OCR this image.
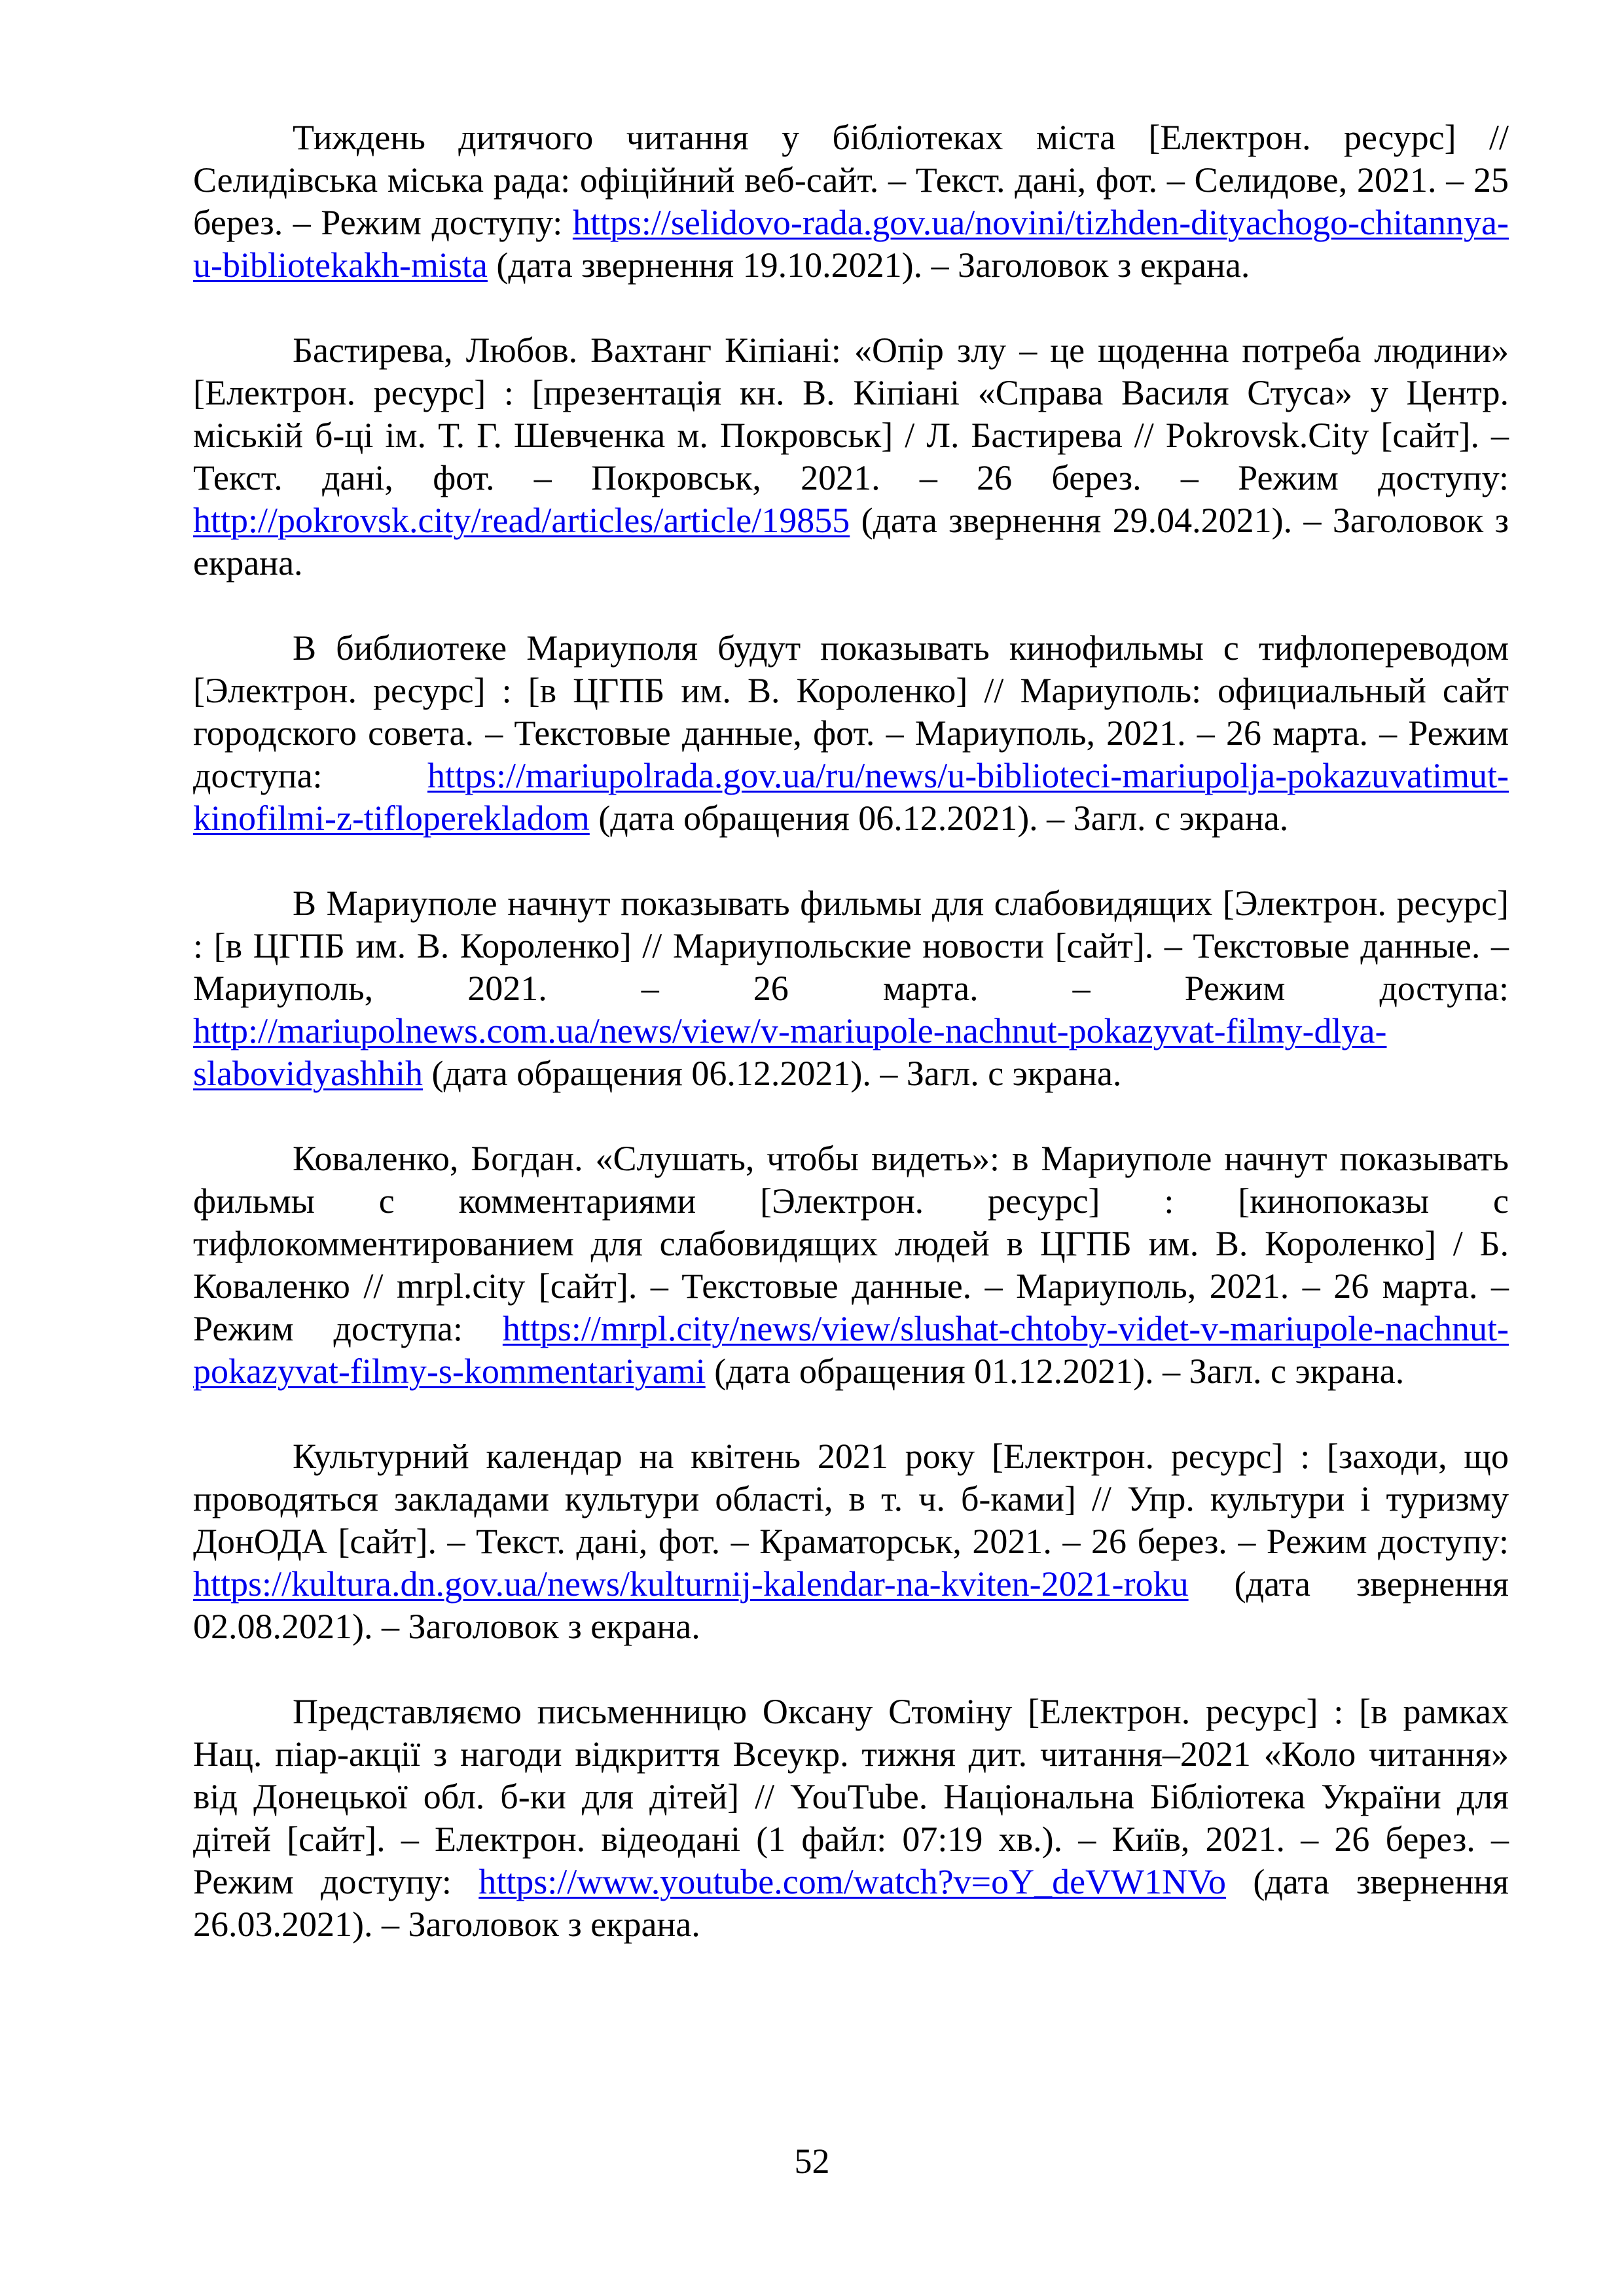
Тиждень дитячого читання у бібліотеках міста [Електрон. ресурс] // Селидівська міська рада: офіційний веб-сайт. – Текст. дані, фот. – Селидове, 2021. – 25 берез. – Режим доступу: https://selidovo-rada.gov.ua/novini/tizhden-dityachogo-chitannya-u-bibliotekakh-mista (дата звернення 19.10.2021). – Заголовок з екрана.

Бастирева, Любов. Вахтанг Кіпіані: «Опір злу – це щоденна потреба людини» [Електрон. ресурс] : [презентація кн. В. Кіпіані «Справа Василя Стуса» у Центр. міській б-ці ім. Т. Г. Шевченка м. Покровськ] / Л. Бастирева // Pokrovsk.City [сайт]. – Текст. дані, фот. – Покровськ, 2021. – 26 берез. – Режим доступу: http://pokrovsk.city/read/articles/article/19855 (дата звернення 29.04.2021). – Заголовок з екрана.

В библиотеке Мариуполя будут показывать кинофильмы с тифлопереводом [Электрон. ресурс] : [в ЦГПБ им. В. Короленко] // Мариуполь: официальный сайт городского совета. – Текстовые данные, фот. – Мариуполь, 2021. – 26 марта. – Режим доступа: https://mariupolrada.gov.ua/ru/news/u-biblioteci-mariupolja-pokazuvatimut-kinofilmi-z-tifloperekladom (дата обращения 06.12.2021). – Загл. с экрана.

В Мариуполе начнут показывать фильмы для слабовидящих [Электрон. ресурс] : [в ЦГПБ им. В. Короленко] // Мариупольские новости [сайт]. – Текстовые данные. – Мариуполь, 2021. – 26 марта. – Режим доступа: http://mariupolnews.com.ua/news/view/v-mariupole-nachnut-pokazyvat-filmy-dlya-slabovidyashhih (дата обращения 06.12.2021). – Загл. с экрана.

Коваленко, Богдан. «Слушать, чтобы видеть»: в Мариуполе начнут показывать фильмы с комментариями [Электрон. ресурс] : [кинопоказы с тифлокомментированием для слабовидящих людей в ЦГПБ им. В. Короленко] / Б. Коваленко // mrpl.city [сайт]. – Текстовые данные. – Мариуполь, 2021. – 26 марта. – Режим доступа: https://mrpl.city/news/view/slushat-chtoby-videt-v-mariupole-nachnut-pokazyvat-filmy-s-kommentariyami (дата обращения 01.12.2021). – Загл. с экрана.

Культурний календар на квітень 2021 року [Електрон. ресурс] : [заходи, що проводяться закладами культури області, в т. ч. б-ками] // Упр. культури і туризму ДонОДА [сайт]. – Текст. дані, фот. – Краматорськ, 2021. – 26 берез. – Режим доступу: https://kultura.dn.gov.ua/news/kulturnij-kalendar-na-kviten-2021-roku (дата звернення 02.08.2021). – Заголовок з екрана.

Представляємо письменницю Оксану Стоміну [Електрон. ресурс] : [в рамках Нац. піар-акції з нагоди відкриття Всеукр. тижня дит. читання–2021 «Коло читання» від Донецької обл. б-ки для дітей] // YouTube. Національна Бібліотека України для дітей [сайт]. – Електрон. відеодані (1 файл: 07:19 хв.). – Київ, 2021. – 26 берез. – Режим доступу: https://www.youtube.com/watch?v=oY_deVW1NVo (дата звернення 26.03.2021). – Заголовок з екрана.

52
